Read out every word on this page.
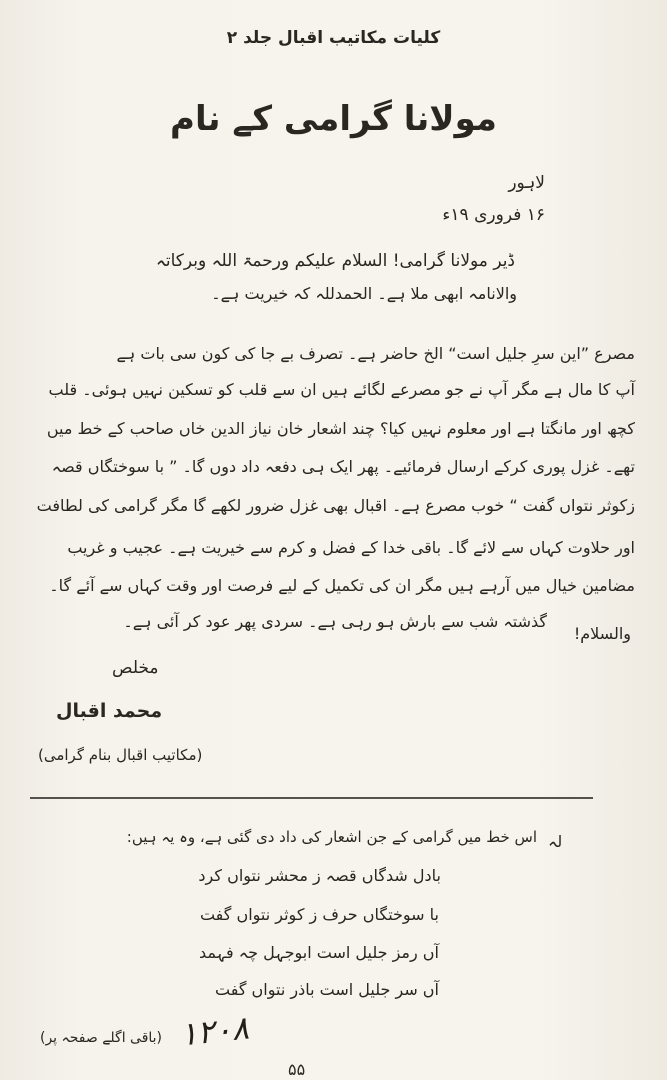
کلیات مکاتیب اقبال جلد ۲
مولانا گرامی کے نام
لاہور
۱۶ فروری ۱۹ء
ڈیر مولانا گرامی! السلام علیکم ورحمۃ اللہ وبرکاتہ
والانامہ ابھی ملا ہے۔ الحمدللہ کہ خیریت ہے۔
مصرع ”این سرِ جلیل است“ الخ حاضر ہے۔ تصرف بے جا کی کون سی بات ہے
آپ کا مال ہے مگر آپ نے جو مصرعے لگائے ہیں ان سے قلب کو تسکین نہیں ہوئی۔ قلب
کچھ اور مانگتا ہے اور معلوم نہیں کیا؟ چند اشعار خان نیاز الدین خاں صاحب کے خط میں
تھے۔ غزل پوری کرکے ارسال فرمائیے۔ پھر ایک ہی دفعہ داد دوں گا۔ ” با سوختگاں قصہ
زکوثر نتواں گفت “ خوب مصرع ہے۔ اقبال بھی غزل ضرور لکھے گا مگر گرامی کی لطافت
اور حلاوت کہاں سے لائے گا۔ باقی خدا کے فضل و کرم سے خیریت ہے۔ عجیب و غریب
مضامین خیال میں آرہے ہیں مگر ان کی تکمیل کے لیے فرصت اور وقت کہاں سے آئے گا۔
گذشتہ شب سے بارش ہو رہی ہے۔ سردی پھر عود کر آئی ہے۔
والسلام!
مخلص
محمد اقبال
(مکاتیب اقبال بنام گرامی)
لہ
اس خط میں گرامی کے جن اشعار کی داد دی گئی ہے، وہ یہ ہیں:
بادل شدگاں قصہ ز محشر نتواں کرد
با سوختگاں حرف ز کوثر نتواں گفت
آں رمز جلیل است ابوجہل چہ فہمد
آں سر جلیل است باذر نتواں گفت
(باقی اگلے صفحہ پر) ۱۲۰۸
۵۵
